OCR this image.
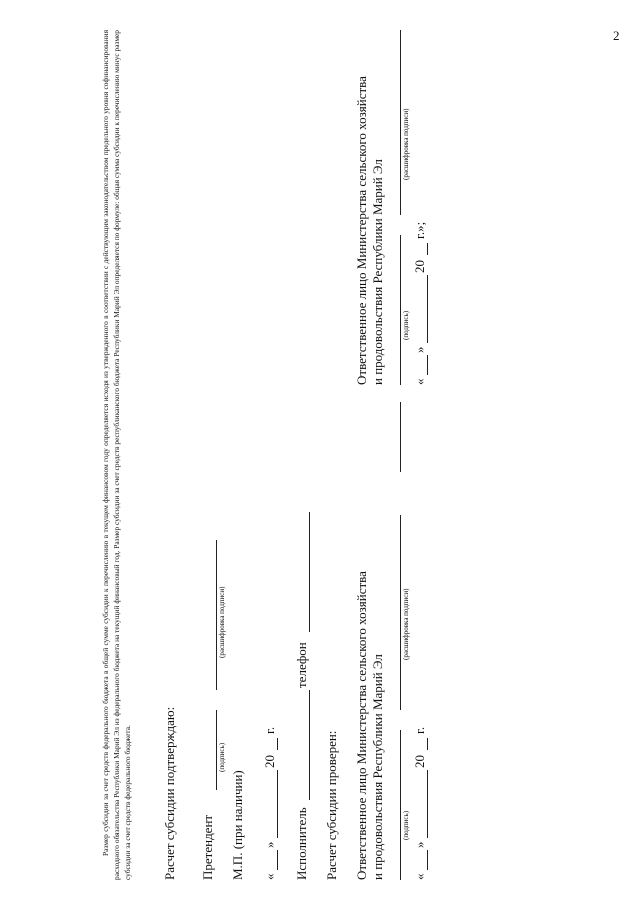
2

Размер субсидии за счет средств федерального бюджета в общей сумме субсидии к перечислению в текущем финансовом году определяется исходя из утвержденного в соответствии с действующим законодательством предельного уровня софинансирования расходного обязательства Республики Марий Эл из федерального бюджета на текущий финансовый год. Размер субсидии за счет средств республиканского бюджета Республики Марий Эл определяется по формуле: общая сумма субсидии к перечислению минус размер субсидии за счет средств федерального бюджета. Расчет субсидии подтверждаю: Претендент
(подпись)
(расшифровка подписи)
М.П. (при наличии) «
»
20
г.
Исполнитель
телефон
Расчет субсидии проверен: Ответственное лицо Министерства сельского хозяйства и продовольствия Республики Марий Эл (подпись)
(расшифровка подписи)
«
»
20
г.
Ответственное лицо Министерства сельского хозяйства и продовольствия Республики Марий Эл (подпись)
(расшифровка подписи)
«
»
20
г.»;
